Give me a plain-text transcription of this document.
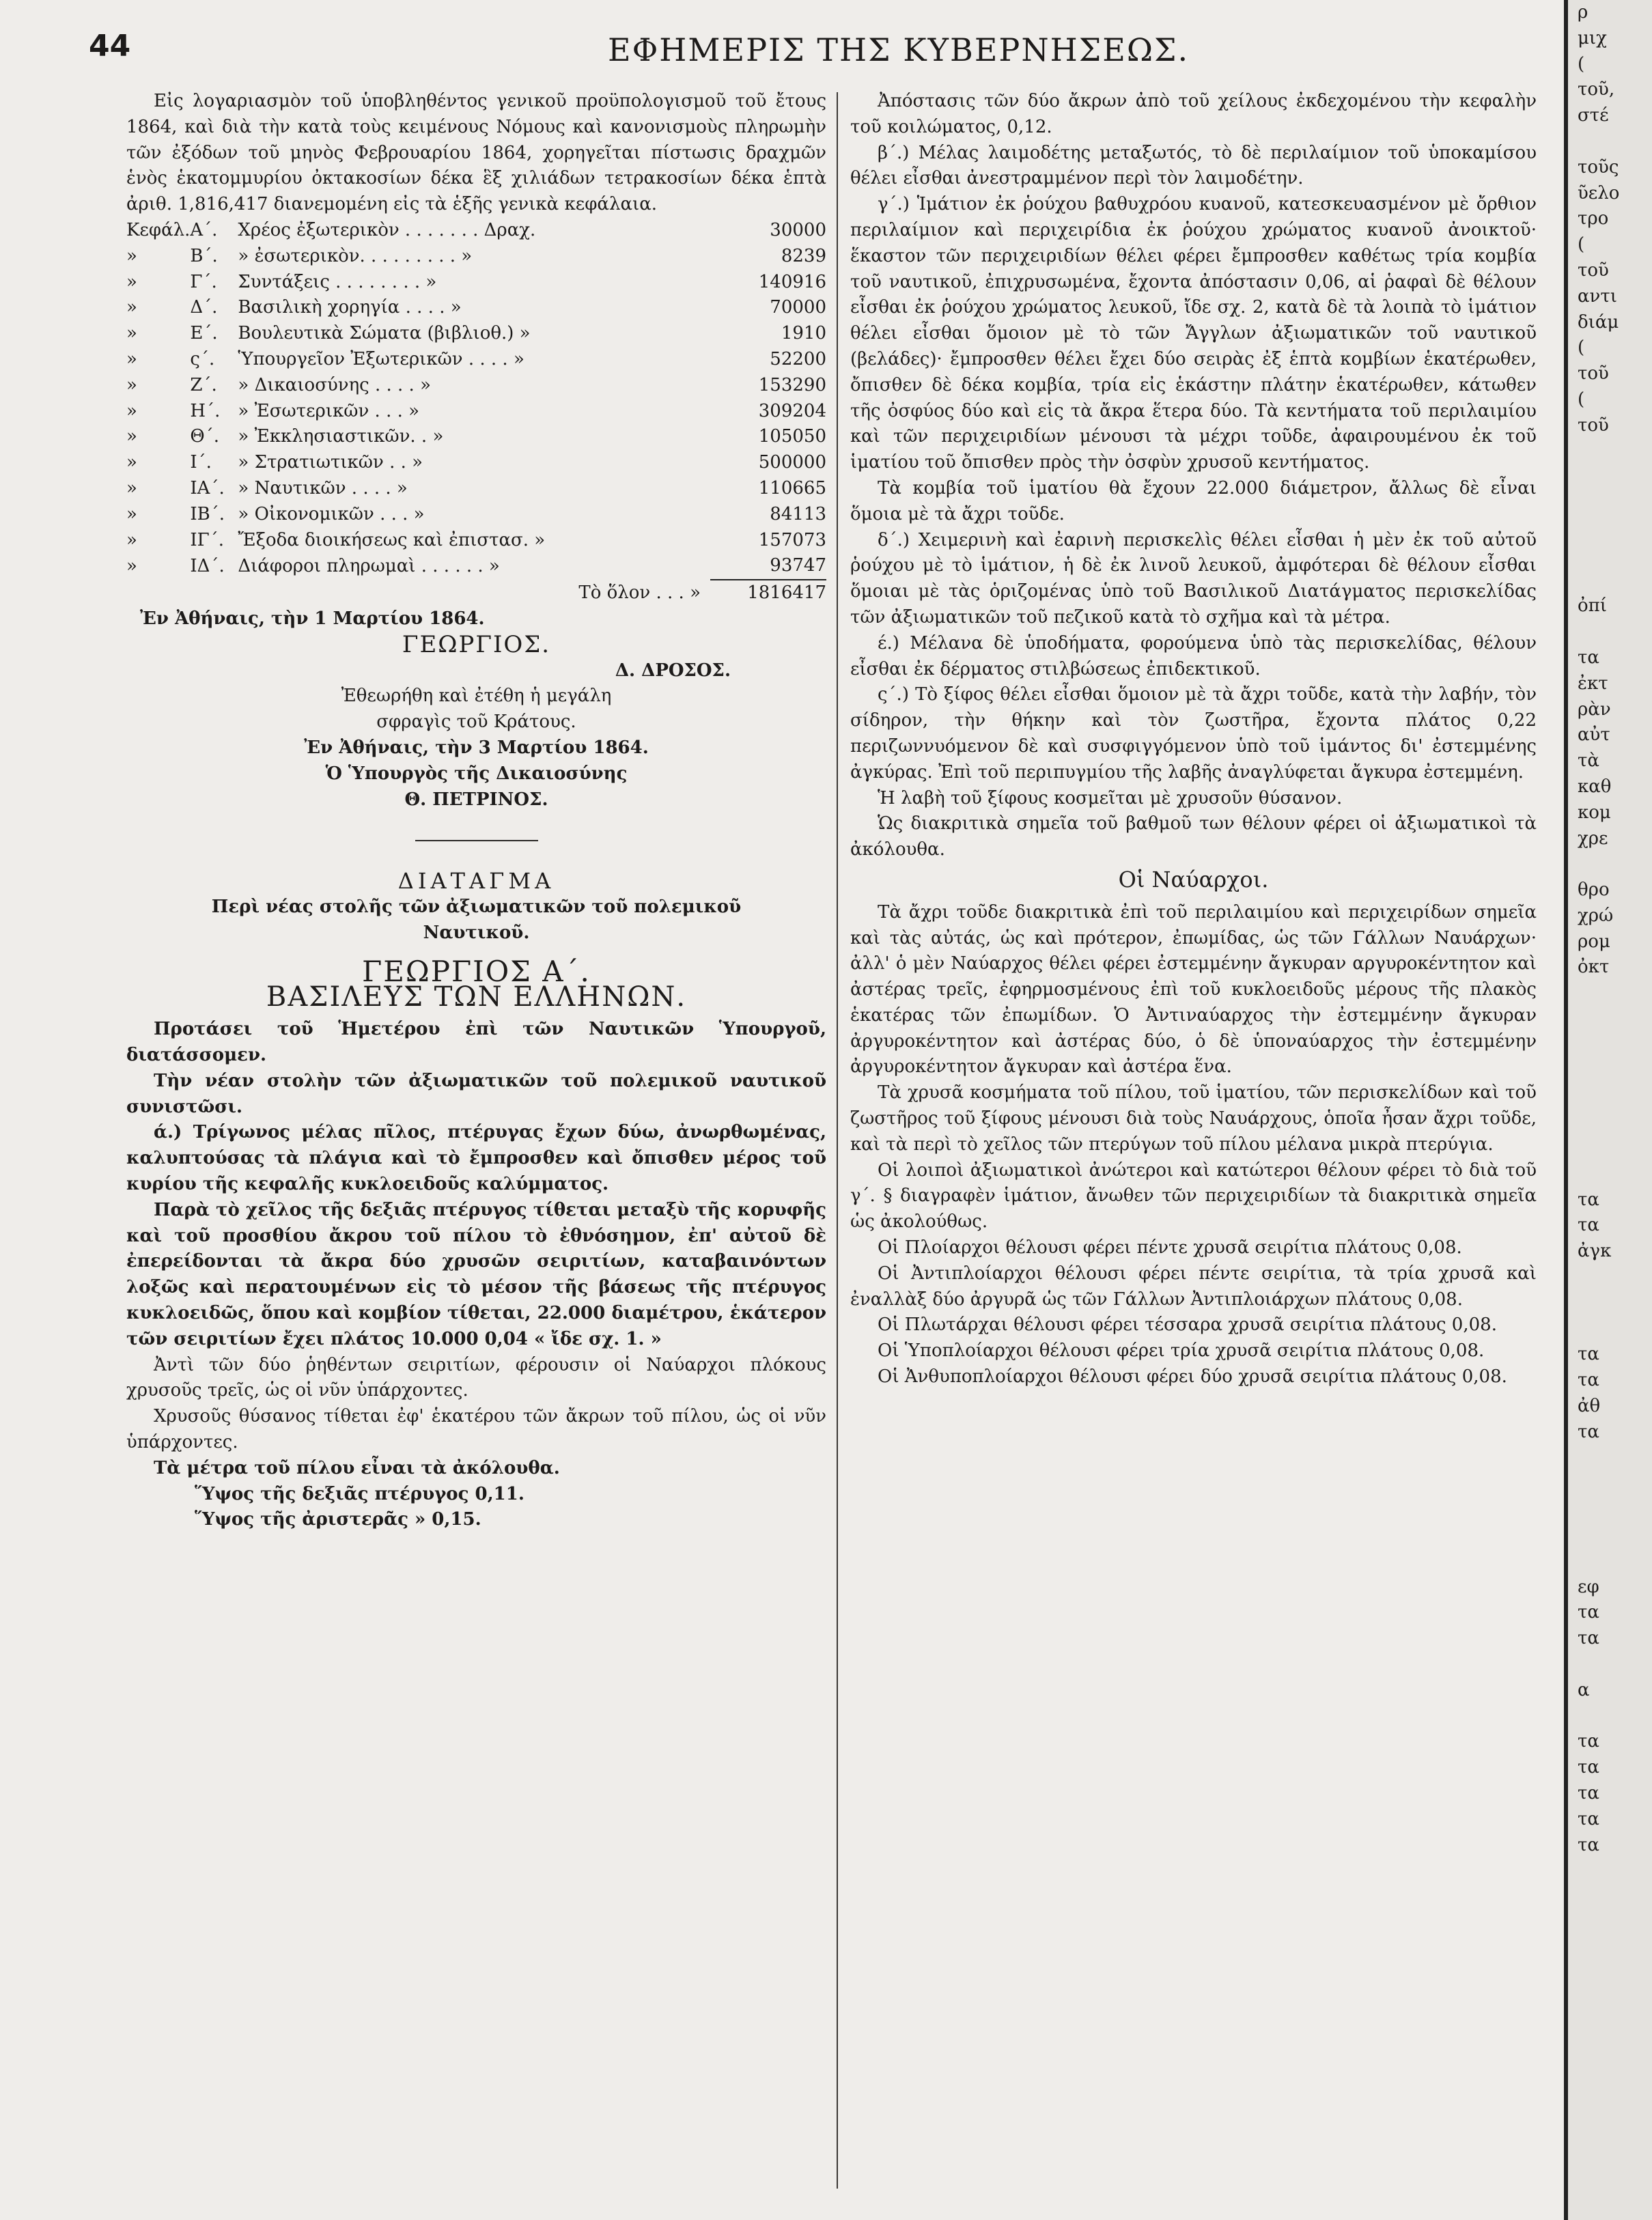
44	ΕΦΗΜΕΡΙΣ ΤΗΣ ΚΥΒΕΡΝΗΣΕΩΣ.

Εἰς λογαριασμὸν τοῦ ὑποβληθέντος γενικοῦ προϋπολογισμοῦ τοῦ ἔτους 1864, καὶ διὰ τὴν κατὰ τοὺς κειμένους Νόμους καὶ κανονισμοὺς πληρωμὴν τῶν ἐξόδων τοῦ μηνὸς Φεβρουαρίου 1864, χορηγεῖται πίστωσις δραχμῶν ἑνὸς ἑκατομμυρίου ὀκτακοσίων δέκα ἓξ χιλιάδων τετρακοσίων δέκα ἑπτὰ ἀριθ. 1,816,417 διανεμομένη εἰς τὰ ἑξῆς γενικὰ κεφάλαια.

Κεφάλ.	Α΄.	Χρέος ἐξωτερικὸν . . . . . . . Δραχ.	30000
»	Β΄.	» ἐσωτερικὸν. . . . . . . . . »	8239
»	Γ΄.	Συντάξεις . . . . . . . . »	140916
»	Δ΄.	Βασιλικὴ χορηγία . . . . »	70000
»	Ε΄.	Βουλευτικὰ Σώματα (βιβλιοθ.) »	1910
»	ς΄.	Ὑπουργεῖον Ἐξωτερικῶν . . . . »	52200
»	Ζ΄.	» Δικαιοσύνης . . . . »	153290
»	Η΄.	» Ἐσωτερικῶν . . . »	309204
»	Θ΄.	» Ἐκκλησιαστικῶν. . »	105050
»	Ι΄.	» Στρατιωτικῶν . . »	500000
»	ΙΑ΄.	» Ναυτικῶν . . . . »	110665
»	ΙΒ΄.	» Οἰκονομικῶν . . . »	84113
»	ΙΓ΄.	Ἔξοδα διοικήσεως καὶ ἐπιστασ. »	157073
»	ΙΔ΄.	Διάφοροι πληρωμαὶ . . . . . . »	93747
		Τὸ ὅλον . . . »	1816417

Ἐν Ἀθήναις, τὴν 1 Μαρτίου 1864.

ΓΕΩΡΓΙΟΣ.

Δ. ΔΡΟΣΟΣ.

Ἐθεωρήθη καὶ ἐτέθη ἡ μεγάλη

σφραγὶς τοῦ Κράτους.

Ἐν Ἀθήναις, τὴν 3 Μαρτίου 1864.

Ὁ Ὑπουργὸς τῆς Δικαιοσύνης

Θ. ΠΕΤΡΙΝΟΣ.

ΔΙΑΤΑΓΜΑ

Περὶ νέας στολῆς τῶν ἀξιωματικῶν τοῦ πολεμικοῦ Ναυτικοῦ.

ΓΕΩΡΓΙΟΣ Α΄.

ΒΑΣΙΛΕΥΣ ΤΩΝ ΕΛΛΗΝΩΝ.

Προτάσει τοῦ Ἡμετέρου ἐπὶ τῶν Ναυτικῶν Ὑπουργοῦ, διατάσσομεν.

Τὴν νέαν στολὴν τῶν ἀξιωματικῶν τοῦ πολεμικοῦ ναυτικοῦ συνιστῶσι.

ά.) Τρίγωνος μέλας πῖλος, πτέρυγας ἔχων δύω, ἀνωρθωμένας, καλυπτούσας τὰ πλάγια καὶ τὸ ἔμπροσθεν καὶ ὄπισθεν μέρος τοῦ κυρίου τῆς κεφαλῆς κυκλοειδοῦς καλύμματος.

Παρὰ τὸ χεῖλος τῆς δεξιᾶς πτέρυγος τίθεται μεταξὺ τῆς κορυφῆς καὶ τοῦ προσθίου ἄκρου τοῦ πίλου τὸ ἐθνόσημον, ἐπ' αὐτοῦ δὲ ἐπερείδονται τὰ ἄκρα δύο χρυσῶν σειριτίων, καταβαινόντων λοξῶς καὶ περατουμένων εἰς τὸ μέσον τῆς βάσεως τῆς πτέρυγος κυκλοειδῶς, ὅπου καὶ κομβίον τίθεται, 22.000 διαμέτρου, ἑκάτερον τῶν σειριτίων ἔχει πλάτος 10.000 0,04 « ἴδε σχ. 1. »

Ἀντὶ τῶν δύο ῥηθέντων σειριτίων, φέρουσιν οἱ Ναύαρχοι πλόκους χρυσοῦς τρεῖς, ὡς οἱ νῦν ὑπάρχοντες.

Χρυσοῦς θύσανος τίθεται ἐφ' ἑκατέρου τῶν ἄκρων τοῦ πίλου, ὡς οἱ νῦν ὑπάρχοντες.

Τὰ μέτρα τοῦ πίλου εἶναι τὰ ἀκόλουθα.

Ὕψος τῆς δεξιᾶς πτέρυγος 0,11.

Ὕψος τῆς ἀριστερᾶς » 0,15.

Ἀπόστασις τῶν δύο ἄκρων ἀπὸ τοῦ χείλους ἐκδεχομένου τὴν κεφαλὴν τοῦ κοιλώματος, 0,12.

β΄.) Μέλας λαιμοδέτης μεταξωτός, τὸ δὲ περιλαίμιον τοῦ ὑποκαμίσου θέλει εἶσθαι ἀνεστραμμένον περὶ τὸν λαιμοδέτην.

γ΄.) Ἱμάτιον ἐκ ῥούχου βαθυχρόου κυανοῦ, κατεσκευασμένον μὲ ὄρθιον περιλαίμιον καὶ περιχειρίδια ἐκ ῥούχου χρώματος κυανοῦ ἀνοικτοῦ· ἕκαστον τῶν περιχειριδίων θέλει φέρει ἔμπροσθεν καθέτως τρία κομβία τοῦ ναυτικοῦ, ἐπιχρυσωμένα, ἔχοντα ἀπόστασιν 0,06, αἱ ῥαφαὶ δὲ θέλουν εἶσθαι ἐκ ῥούχου χρώματος λευκοῦ, ἴδε σχ. 2, κατὰ δὲ τὰ λοιπὰ τὸ ἱμάτιον θέλει εἶσθαι ὅμοιον μὲ τὸ τῶν Ἄγγλων ἀξιωματικῶν τοῦ ναυτικοῦ (βελάδες)· ἔμπροσθεν θέλει ἔχει δύο σειρὰς ἐξ ἑπτὰ κομβίων ἑκατέρωθεν, ὄπισθεν δὲ δέκα κομβία, τρία εἰς ἑκάστην πλάτην ἑκατέρωθεν, κάτωθεν τῆς ὀσφύος δύο καὶ εἰς τὰ ἄκρα ἕτερα δύο. Τὰ κεντήματα τοῦ περιλαιμίου καὶ τῶν περιχειριδίων μένουσι τὰ μέχρι τοῦδε, ἀφαιρουμένου ἐκ τοῦ ἱματίου τοῦ ὄπισθεν πρὸς τὴν ὀσφὺν χρυσοῦ κεντήματος.

Τὰ κομβία τοῦ ἱματίου θὰ ἔχουν 22.000 διάμετρον, ἄλλως δὲ εἶναι ὅμοια μὲ τὰ ἄχρι τοῦδε.

δ΄.) Χειμερινὴ καὶ ἐαρινὴ περισκελὶς θέλει εἶσθαι ἡ μὲν ἐκ τοῦ αὐτοῦ ῥούχου μὲ τὸ ἱμάτιον, ἡ δὲ ἐκ λινοῦ λευκοῦ, ἀμφότεραι δὲ θέλουν εἶσθαι ὅμοιαι μὲ τὰς ὁριζομένας ὑπὸ τοῦ Βασιλικοῦ Διατάγματος περισκελίδας τῶν ἀξιωματικῶν τοῦ πεζικοῦ κατὰ τὸ σχῆμα καὶ τὰ μέτρα.

έ.) Μέλανα δὲ ὑποδήματα, φορούμενα ὑπὸ τὰς περισκελίδας, θέλουν εἶσθαι ἐκ δέρματος στιλβώσεως ἐπιδεκτικοῦ.

ς΄.) Τὸ ξίφος θέλει εἶσθαι ὅμοιον μὲ τὰ ἄχρι τοῦδε, κατὰ τὴν λαβήν, τὸν σίδηρον, τὴν θήκην καὶ τὸν ζωστῆρα, ἔχοντα πλάτος 0,22 περιζωννυόμενον δὲ καὶ συσφιγγόμενον ὑπὸ τοῦ ἱμάντος δι' ἐστεμμένης ἀγκύρας. Ἐπὶ τοῦ περιπυγμίου τῆς λαβῆς ἀναγλύφεται ἄγκυρα ἐστεμμένη.

Ἡ λαβὴ τοῦ ξίφους κοσμεῖται μὲ χρυσοῦν θύσανον.

Ὡς διακριτικὰ σημεῖα τοῦ βαθμοῦ των θέλουν φέρει οἱ ἀξιωματικοὶ τὰ ἀκόλουθα.

Οἱ Ναύαρχοι.

Τὰ ἄχρι τοῦδε διακριτικὰ ἐπὶ τοῦ περιλαιμίου καὶ περιχειρίδων σημεῖα καὶ τὰς αὐτάς, ὡς καὶ πρότερον, ἐπωμίδας, ὡς τῶν Γάλλων Ναυάρχων· ἀλλ' ὁ μὲν Ναύαρχος θέλει φέρει ἐστεμμένην ἄγκυραν αργυροκέντητον καὶ ἀστέρας τρεῖς, ἐφηρμοσμένους ἐπὶ τοῦ κυκλοειδοῦς μέρους τῆς πλακὸς ἑκατέρας τῶν ἐπωμίδων. Ὁ Ἀντιναύαρχος τὴν ἐστεμμένην ἄγκυραν ἀργυροκέντητον καὶ ἀστέρας δύο, ὁ δὲ ὑποναύαρχος τὴν ἐστεμμένην ἀργυροκέντητον ἄγκυραν καὶ ἀστέρα ἕνα.

Τὰ χρυσᾶ κοσμήματα τοῦ πίλου, τοῦ ἱματίου, τῶν περισκελίδων καὶ τοῦ ζωστῆρος τοῦ ξίφους μένουσι διὰ τοὺς Ναυάρχους, ὁποῖα ἦσαν ἄχρι τοῦδε, καὶ τὰ περὶ τὸ χεῖλος τῶν πτερύγων τοῦ πίλου μέλανα μικρὰ πτερύγια.

Οἱ λοιποὶ ἀξιωματικοὶ ἀνώτεροι καὶ κατώτεροι θέλουν φέρει τὸ διὰ τοῦ γ΄. § διαγραφὲν ἱμάτιον, ἄνωθεν τῶν περιχειριδίων τὰ διακριτικὰ σημεῖα ὡς ἀκολούθως.

Οἱ Πλοίαρχοι θέλουσι φέρει πέντε χρυσᾶ σειρίτια πλάτους 0,08.

Οἱ Ἀντιπλοίαρχοι θέλουσι φέρει πέντε σειρίτια, τὰ τρία χρυσᾶ καὶ ἐναλλὰξ δύο ἀργυρᾶ ὡς τῶν Γάλλων Ἀντιπλοιάρχων πλάτους 0,08.

Οἱ Πλωτάρχαι θέλουσι φέρει τέσσαρα χρυσᾶ σειρίτια πλάτους 0,08.

Οἱ Ὑποπλοίαρχοι θέλουσι φέρει τρία χρυσᾶ σειρίτια πλάτους 0,08.

Οἱ Ἀνθυποπλοίαρχοι θέλουσι φέρει δύο χρυσᾶ σειρίτια πλάτους 0,08.

ρ
μιχ
(
τοῦ,
στέ

τοῦς
ῦελο
τρο
(
τοῦ
αντι
διάμ
(
τοῦ
(
τοῦ

ὀπί

τα
ἐκτ
ρὰν
αὐτ
τὰ
καθ
κομ
χρε

θρο
χρώ
ρομ
ὀκτ

τα
τα
ἀγκ

τα
τα
ἀθ
τα

εφ
τα
τα

α

τα
τα
τα
τα
τα
